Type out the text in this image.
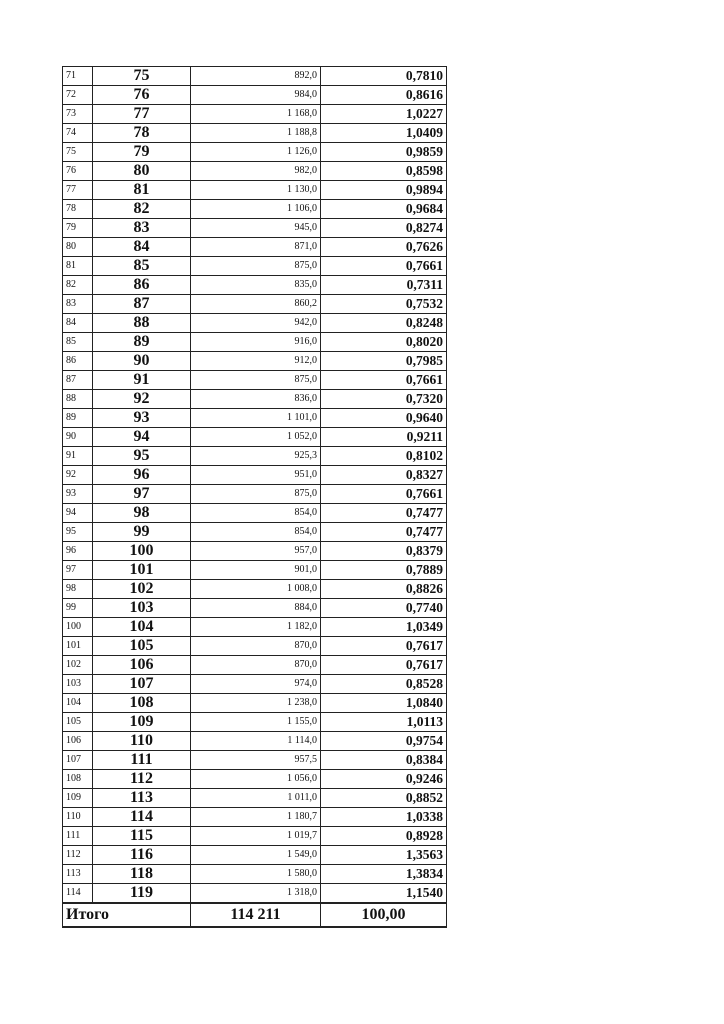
71	75	892,0	0,7810
72	76	984,0	0,8616
73	77	1 168,0	1,0227
74	78	1 188,8	1,0409
75	79	1 126,0	0,9859
76	80	982,0	0,8598
77	81	1 130,0	0,9894
78	82	1 106,0	0,9684
79	83	945,0	0,8274
80	84	871,0	0,7626
81	85	875,0	0,7661
82	86	835,0	0,7311
83	87	860,2	0,7532
84	88	942,0	0,8248
85	89	916,0	0,8020
86	90	912,0	0,7985
87	91	875,0	0,7661
88	92	836,0	0,7320
89	93	1 101,0	0,9640
90	94	1 052,0	0,9211
91	95	925,3	0,8102
92	96	951,0	0,8327
93	97	875,0	0,7661
94	98	854,0	0,7477
95	99	854,0	0,7477
96	100	957,0	0,8379
97	101	901,0	0,7889
98	102	1 008,0	0,8826
99	103	884,0	0,7740
100	104	1 182,0	1,0349
101	105	870,0	0,7617
102	106	870,0	0,7617
103	107	974,0	0,8528
104	108	1 238,0	1,0840
105	109	1 155,0	1,0113
106	110	1 114,0	0,9754
107	111	957,5	0,8384
108	112	1 056,0	0,9246
109	113	1 011,0	0,8852
110	114	1 180,7	1,0338
111	115	1 019,7	0,8928
112	116	1 549,0	1,3563
113	118	1 580,0	1,3834
114	119	1 318,0	1,1540
Итого		114 211	100,00
